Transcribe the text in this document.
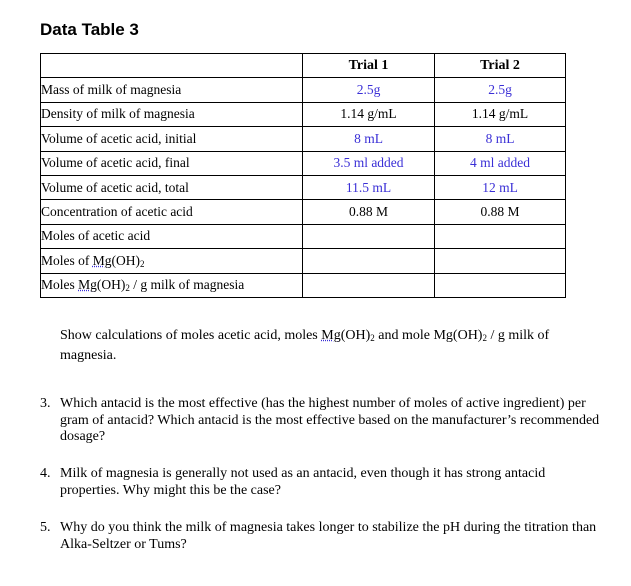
Data Table 3
	Trial 1	Trial 2
Mass of milk of magnesia	2.5g	2.5g
Density of milk of magnesia	1.14 g/mL	1.14 g/mL
Volume of acetic acid, initial	8 mL	8 mL
Volume of acetic acid, final	3.5 ml added	4 ml added
Volume of acetic acid, total	11.5 mL	12 mL
Concentration of acetic acid	0.88 M	0.88 M
Moles of acetic acid		
Moles of $Mg(OH)_2$		
Moles $Mg(OH)_2$ / g milk of magnesia		
Show calculations of moles acetic acid, moles $Mg(OH)_2$ and mole $Mg(OH)_2$ / g milk of magnesia.
3. Which antacid is the most effective (has the highest number of moles of active ingredient) per gram of antacid? Which antacid is the most effective based on the manufacturer’s recommended dosage?
4. Milk of magnesia is generally not used as an antacid, even though it has strong antacid properties. Why might this be the case?
5. Why do you think the milk of magnesia takes longer to stabilize the pH during the titration than Alka-Seltzer or Tums?
